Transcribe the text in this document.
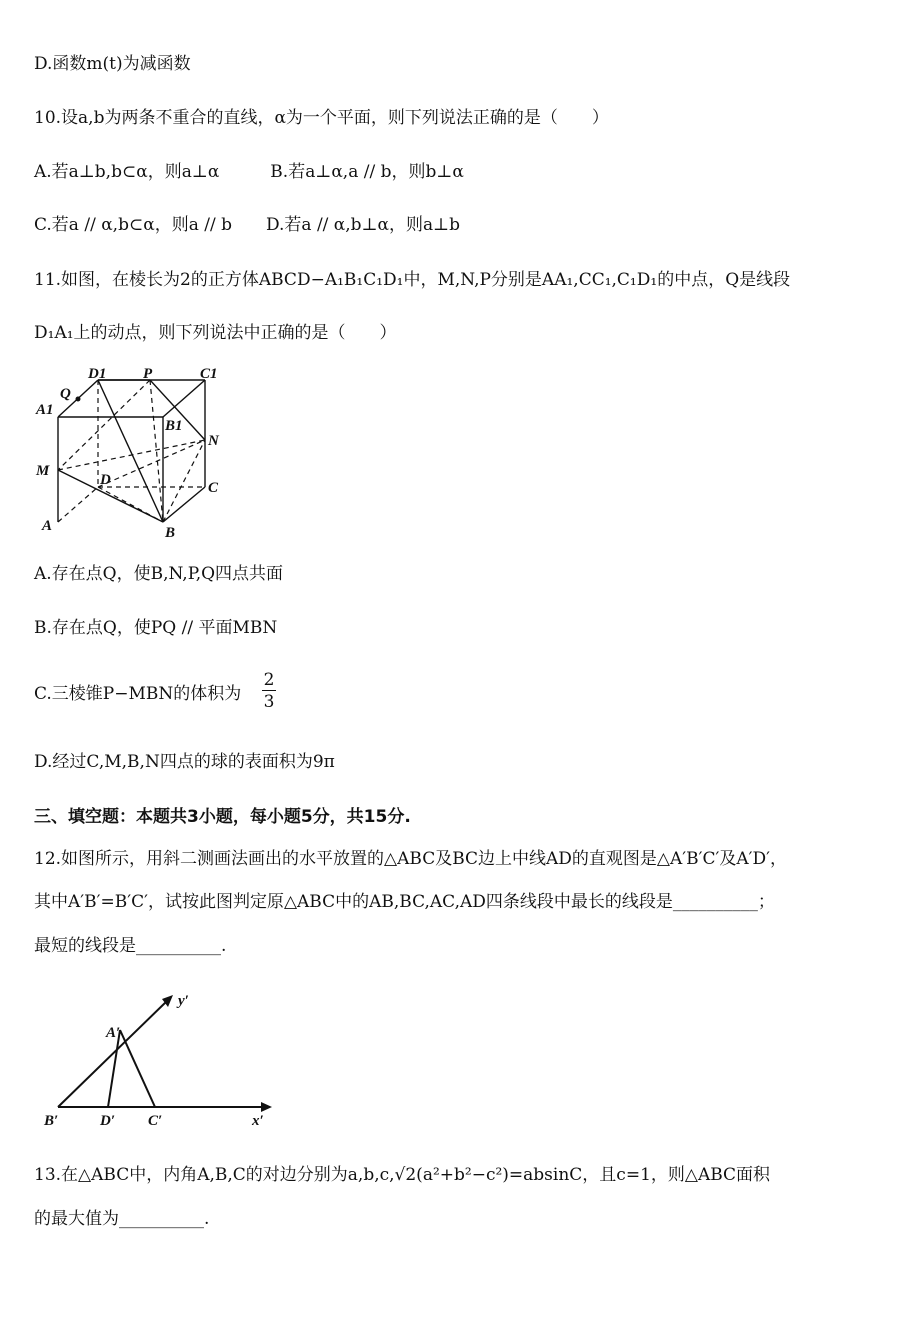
D.函数m(t)为减函数
10.设a,b为两条不重合的直线，α为一个平面，则下列说法正确的是（　　）
A.若a⊥b,b⊂α，则a⊥α　　　B.若a⊥α,a // b，则b⊥α
C.若a // α,b⊂α，则a // b　　D.若a // α,b⊥α，则a⊥b
11.如图，在棱长为2的正方体ABCD−A₁B₁C₁D₁中，M,N,P分别是AA₁,CC₁,C₁D₁的中点，Q是线段
D₁A₁上的动点，则下列说法中正确的是（　　）
D1 P	C1
Q
A1
B1
N
M
D	C
A	B
A.存在点Q，使B,N,P,Q四点共面
B.存在点Q，使PQ // 平面MBN
C.三棱锥P−MBN的体积为 $\frac{2}{3}$
D.经过C,M,B,N四点的球的表面积为9π
三、填空题：本题共3小题，每小题5分，共15分.
12.如图所示，用斜二测画法画出的水平放置的△ABC及BC边上中线AD的直观图是△A′B′C′及A′D′，
其中A′B′=B′C′，试按此图判定原△ABC中的AB,BC,AC,AD四条线段中最长的线段是__________；
最短的线段是__________.
y′
A′
B′	D′ C′	x′
13.在△ABC中，内角A,B,C的对边分别为a,b,c,√2(a²+b²−c²)=absinC，且c=1，则△ABC面积
的最大值为__________.
